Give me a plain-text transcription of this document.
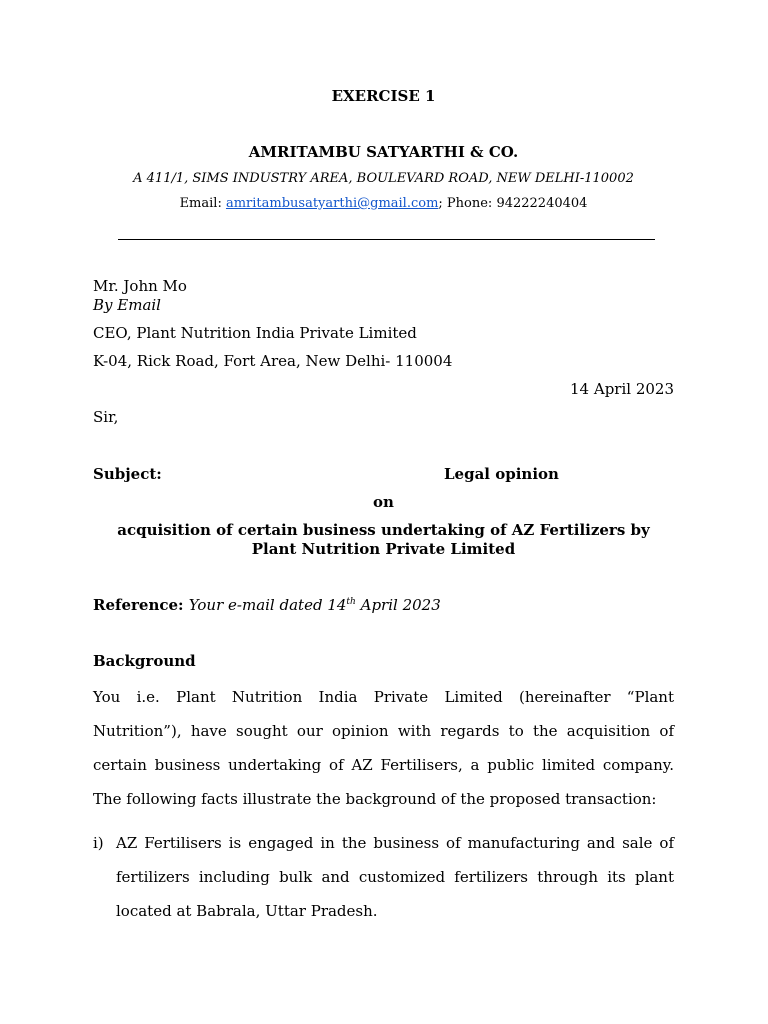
EXERCISE 1

AMRITAMBU SATYARTHI & CO.

A 411/1, SIMS INDUSTRY AREA, BOULEVARD ROAD, NEW DELHI-110002

Email: amritambusatyarthi@gmail.com; Phone: 94222240404

Mr. John Mo

By Email

CEO, Plant Nutrition India Private Limited

K-04, Rick Road, Fort Area, New Delhi- 110004

14 April 2023

Sir,

Subject:	Legal opinion

on

acquisition of certain business undertaking of AZ Fertilizers by Plant Nutrition Private Limited

Reference: Your e-mail dated 14th April 2023

Background

You i.e. Plant Nutrition India Private Limited (hereinafter “Plant Nutrition”), have sought our opinion with regards to the acquisition of certain business undertaking of AZ Fertilisers, a public limited company. The following facts illustrate the background of the proposed transaction:

i) AZ Fertilisers is engaged in the business of manufacturing and sale of fertilizers including bulk and customized fertilizers through its plant located at Babrala, Uttar Pradesh.
